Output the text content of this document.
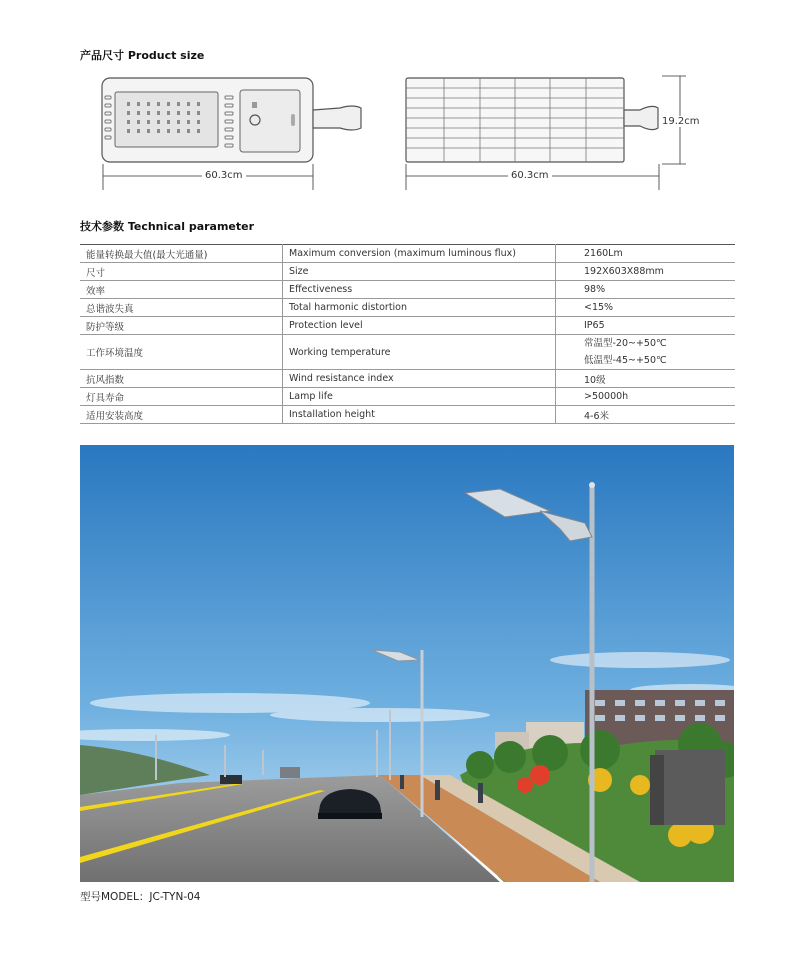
产品尺寸 Product size
60.3cm	60.3cm
19.2cm
技术参数 Technical parameter
能量转换最大值(最大光通量)	Maximum conversion (maximum luminous flux)	2160Lm
尺寸	Size	192X603X88mm
效率	Effectiveness	98%
总谐波失真	Total harmonic distortion	<15%
防护等级	Protection level	IP65
工作环境温度	Working temperature	常温型-20~+50℃
低温型-45~+50℃

抗风指数	Wind resistance index	10级
灯具寿命	Lamp life	>50000h
适用安装高度	Installation height	4-6米
型号MODEL：JC-TYN-04
